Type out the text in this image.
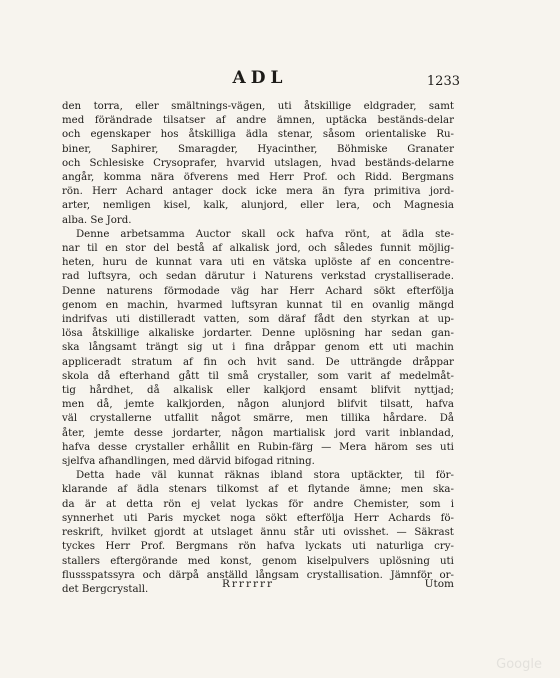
ADL	1233
den torra, eller smältnings-vägen, uti åtskillige eldgrader, samt
med förändrade tilsatser af andre ämnen, uptäcka beständs-delar
och egenskaper hos åtskilliga ädla stenar, såsom orientaliske Ru-
biner, Saphirer, Smaragder, Hyacinther, Böhmiske Granater
och Schlesiske Crysoprafer, hvarvid utslagen, hvad beständs-delarne
angår, komma nära öfverens med Herr Prof. och Ridd. Bergmans
rön. Herr Achard antager dock icke mera än fyra primitiva jord-
arter, nemligen kisel, kalk, alunjord, eller lera, och Magnesia
alba. Se Jord.
Denne arbetsamma Auctor skall ock hafva rönt, at ädla ste-
nar til en stor del bestå af alkalisk jord, och således funnit möjlig-
heten, huru de kunnat vara uti en vätska uplöste af en concentre-
rad luftsyra, och sedan därutur i Naturens verkstad crystalliserade.
Denne naturens förmodade väg har Herr Achard sökt efterfölja
genom en machin, hvarmed luftsyran kunnat til en ovanlig mängd
indrifvas uti distilleradt vatten, som däraf fådt den styrkan at up-
lösa åtskillige alkaliske jordarter. Denne uplösning har sedan gan-
ska långsamt trängt sig ut i fina dråppar genom ett uti machin
appliceradt stratum af fin och hvit sand. De utträngde dråppar
skola då efterhand gått til små crystaller, som varit af medelmåt-
tig hårdhet, då alkalisk eller kalkjord ensamt blifvit nyttjad;
men då, jemte kalkjorden, någon alunjord blifvit tilsatt, hafva
väl crystallerne utfallit något smärre, men tillika hårdare. Då
åter, jemte desse jordarter, någon martialisk jord varit inblandad,
hafva desse crystaller erhållit en Rubin-färg — Mera härom ses uti
sjelfva afhandlingen, med därvid bifogad ritning.
Detta hade väl kunnat räknas ibland stora uptäckter, til för-
klarande af ädla stenars tilkomst af et flytande ämne; men ska-
da är at detta rön ej velat lyckas för andre Chemister, som i
synnerhet uti Paris mycket noga sökt efterfölja Herr Achards fö-
reskrift, hvilket gjordt at utslaget ännu står uti ovisshet. — Säkrast
tyckes Herr Prof. Bergmans rön hafva lyckats uti naturliga cry-
stallers eftergörande med konst, genom kiselpulvers uplösning uti
flussspatssyra och därpå anställd långsam crystallisation. Jämnför or-
det Bergcrystall.	Rrrrrrr	Utom
Google
